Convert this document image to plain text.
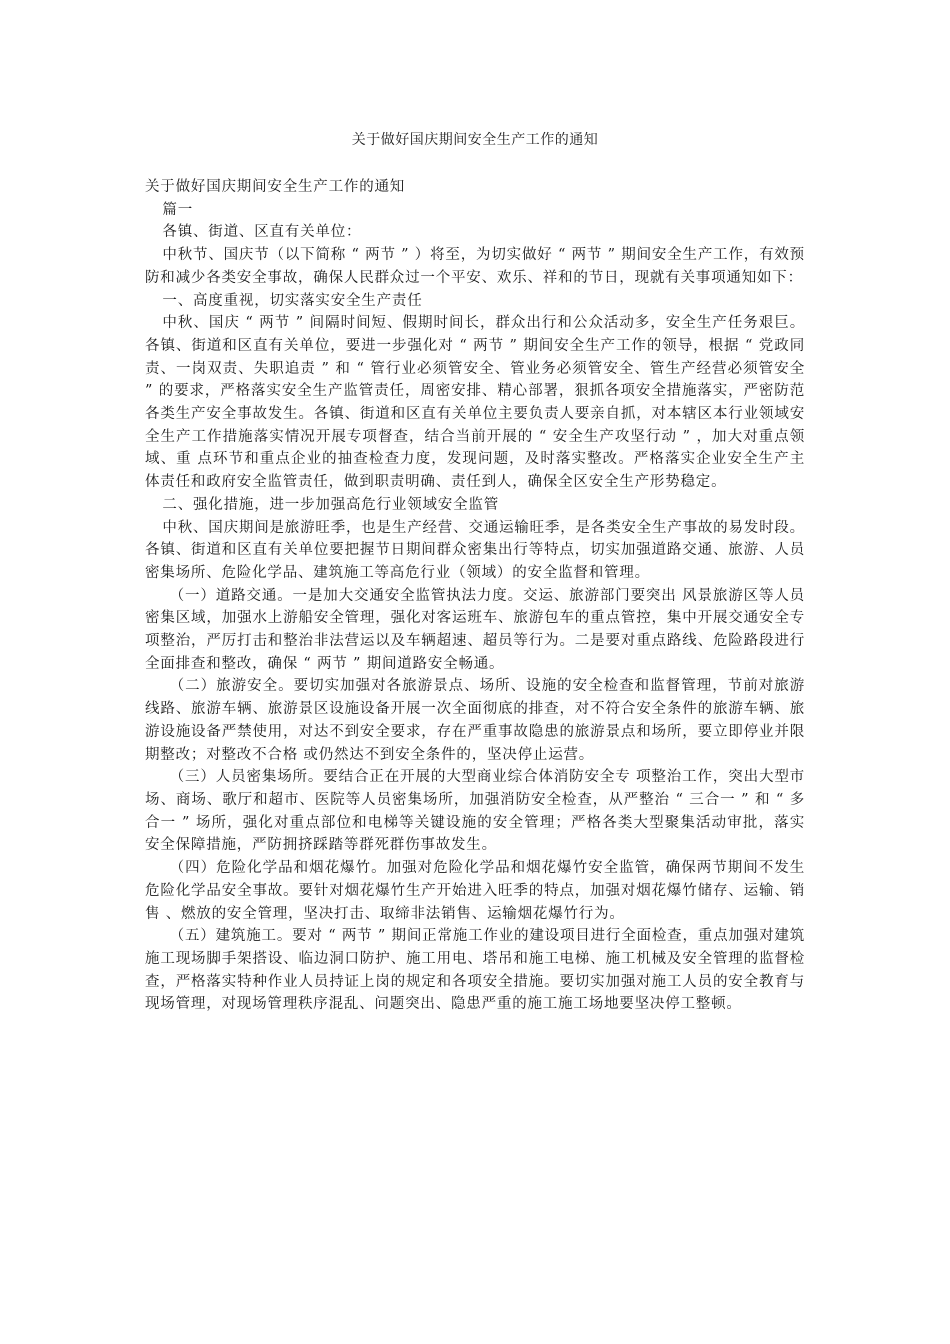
关于做好国庆期间安全生产工作的通知

关于做好国庆期间安全生产工作的通知

篇一

各镇、街道、区直有关单位：

中秋节、国庆节（以下简称 “ 两节 ” ）将至，为切实做好 “ 两节 ” 期间安全生产工作，有效预防和减少各类安全事故，确保人民群众过一个平安、欢乐、祥和的节日，现就有关事项通知如下：

一、高度重视，切实落实安全生产责任

中秋、国庆 “ 两节 ” 间隔时间短、假期时间长，群众出行和公众活动多，安全生产任务艰巨。各镇、街道和区直有关单位，要进一步强化对 “ 两节 ” 期间安全生产工作的领导，根据 “ 党政同责、一岗双责、失职追责 ” 和 “ 管行业必须管安全、管业务必须管安全、管生产经营必须管安全 ” 的要求，严格落实安全生产监管责任，周密安排、精心部署，狠抓各项安全措施落实，严密防范各类生产安全事故发生。各镇、街道和区直有关单位主要负责人要亲自抓，对本辖区本行业领域安全生产工作措施落实情况开展专项督查，结合当前开展的 “ 安全生产攻坚行动 ” ，加大对重点领域、重 点环节和重点企业的抽查检查力度，发现问题，及时落实整改。严格落实企业安全生产主体责任和政府安全监管责任，做到职责明确、责任到人，确保全区安全生产形势稳定。

二、强化措施，进一步加强高危行业领域安全监管

中秋、国庆期间是旅游旺季，也是生产经营、交通运输旺季，是各类安全生产事故的易发时段。各镇、街道和区直有关单位要把握节日期间群众密集出行等特点，切实加强道路交通、旅游、人员密集场所、危险化学品、建筑施工等高危行业（领域）的安全监督和管理。

（一）道路交通。一是加大交通安全监管执法力度。交运、旅游部门要突出 风景旅游区等人员密集区域，加强水上游船安全管理，强化对客运班车、旅游包车的重点管控，集中开展交通安全专项整治，严厉打击和整治非法营运以及车辆超速、超员等行为。二是要对重点路线、危险路段进行全面排查和整改，确保 “ 两节 ” 期间道路安全畅通。

（二）旅游安全。要切实加强对各旅游景点、场所、设施的安全检查和监督管理，节前对旅游线路、旅游车辆、旅游景区设施设备开展一次全面彻底的排查，对不符合安全条件的旅游车辆、旅游设施设备严禁使用，对达不到安全要求，存在严重事故隐患的旅游景点和场所，要立即停业并限期整改；对整改不合格 或仍然达不到安全条件的，坚决停止运营。

（三）人员密集场所。要结合正在开展的大型商业综合体消防安全专 项整治工作，突出大型市场、商场、歌厅和超市、医院等人员密集场所，加强消防安全检查，从严整治 “ 三合一 ” 和 “ 多合一 ” 场所，强化对重点部位和电梯等关键设施的安全管理；严格各类大型聚集活动审批，落实安全保障措施，严防拥挤踩踏等群死群伤事故发生。

（四）危险化学品和烟花爆竹。加强对危险化学品和烟花爆竹安全监管，确保两节期间不发生危险化学品安全事故。要针对烟花爆竹生产开始进入旺季的特点，加强对烟花爆竹储存、运输、销售 、燃放的安全管理，坚决打击、取缔非法销售、运输烟花爆竹行为。

（五）建筑施工。要对 “ 两节 ” 期间正常施工作业的建设项目进行全面检查，重点加强对建筑施工现场脚手架搭设、临边洞口防护、施工用电、塔吊和施工电梯、施工机械及安全管理的监督检查，严格落实特种作业人员持证上岗的规定和各项安全措施。要切实加强对施工人员的安全教育与现场管理，对现场管理秩序混乱、问题突出、隐患严重的施工施工场地要坚决停工整顿。
